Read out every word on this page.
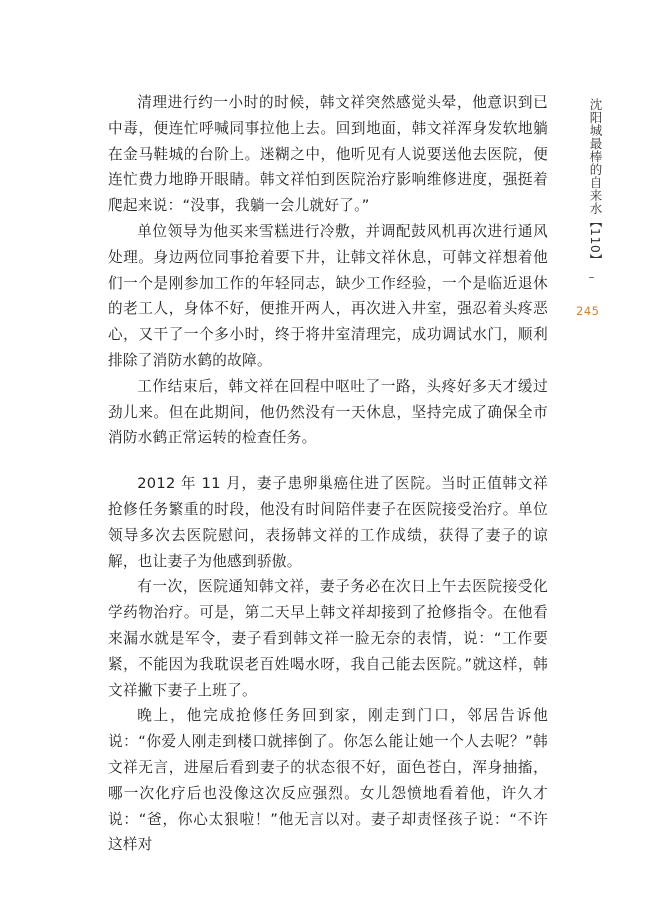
清理进行约一小时的时候，韩文祥突然感觉头晕，他意识到已中毒，便连忙呼喊同事拉他上去。回到地面，韩文祥浑身发软地躺在金马鞋城的台阶上。迷糊之中，他听见有人说要送他去医院，便连忙费力地睁开眼睛。韩文祥怕到医院治疗影响维修进度，强挺着爬起来说：“没事，我躺一会儿就好了。”

单位领导为他买来雪糕进行冷敷，并调配鼓风机再次进行通风处理。身边两位同事抢着要下井，让韩文祥休息，可韩文祥想着他们一个是刚参加工作的年轻同志，缺少工作经验，一个是临近退休的老工人，身体不好，便推开两人，再次进入井室，强忍着头疼恶心，又干了一个多小时，终于将井室清理完，成功调试水门，顺利排除了消防水鹤的故障。

工作结束后，韩文祥在回程中呕吐了一路，头疼好多天才缓过劲儿来。但在此期间，他仍然没有一天休息，坚持完成了确保全市消防水鹤正常运转的检查任务。

2012 年 11 月，妻子患卵巢癌住进了医院。当时正值韩文祥抢修任务繁重的时段，他没有时间陪伴妻子在医院接受治疗。单位领导多次去医院慰问，表扬韩文祥的工作成绩，获得了妻子的谅解，也让妻子为他感到骄傲。

有一次，医院通知韩文祥，妻子务必在次日上午去医院接受化学药物治疗。可是，第二天早上韩文祥却接到了抢修指令。在他看来漏水就是军令，妻子看到韩文祥一脸无奈的表情，说：“工作要紧，不能因为我耽误老百姓喝水呀，我自己能去医院。”就这样，韩文祥撇下妻子上班了。

晚上，他完成抢修任务回到家，刚走到门口，邻居告诉他说：“你爱人刚走到楼口就摔倒了。你怎么能让她一个人去呢？”韩文祥无言，进屋后看到妻子的状态很不好，面色苍白，浑身抽搐，哪一次化疗后也没像这次反应强烈。女儿怨愤地看着他，许久才说：“爸，你心太狠啦！”他无言以对。妻子却责怪孩子说：“不许这样对

沈阳城最棒的自来水【110】
245
